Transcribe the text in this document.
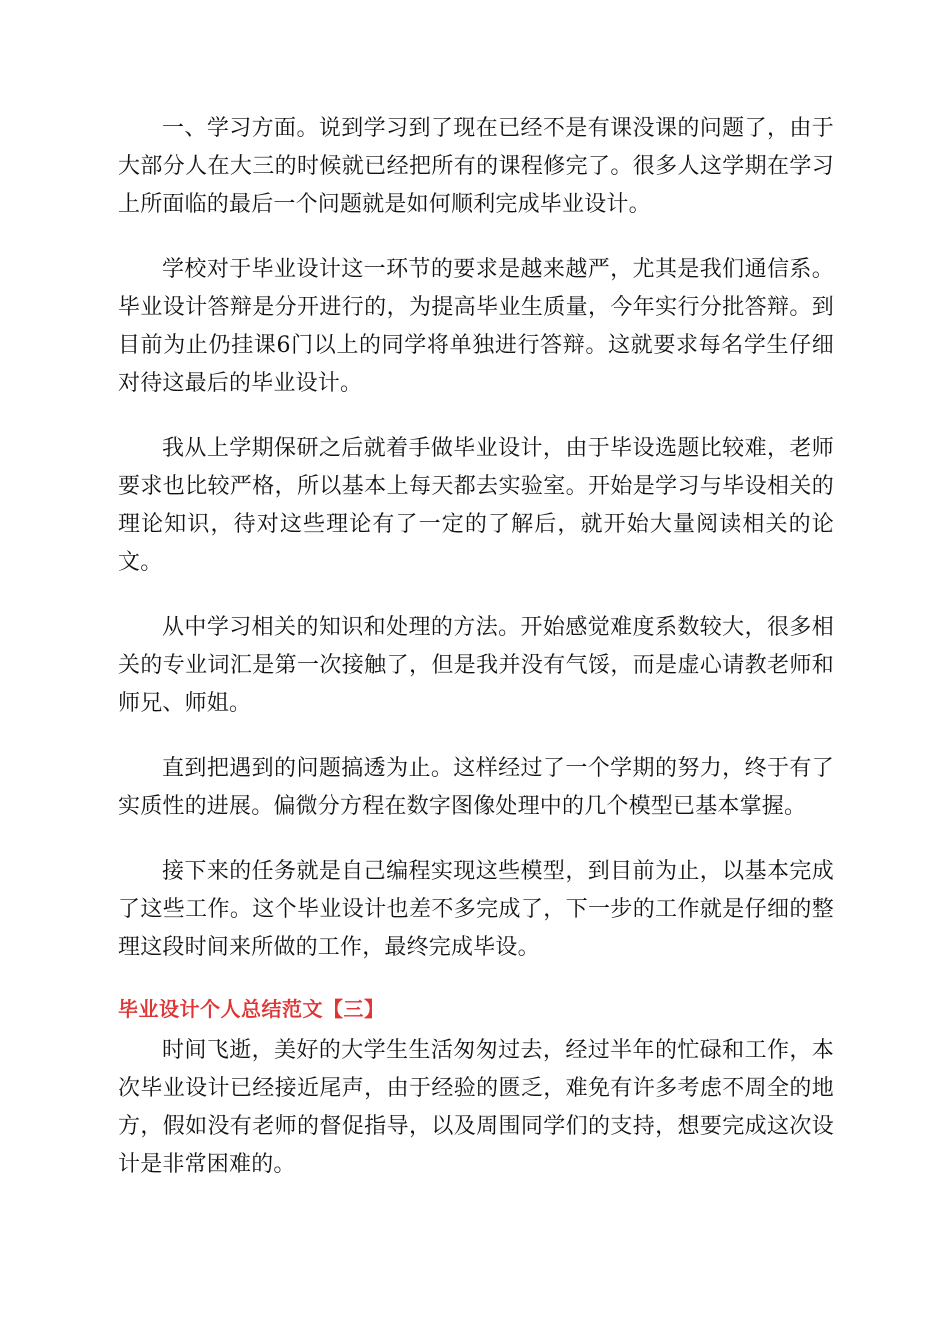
一、学习方面。说到学习到了现在已经不是有课没课的问题了，由于大部分人在大三的时候就已经把所有的课程修完了。很多人这学期在学习上所面临的最后一个问题就是如何顺利完成毕业设计。

学校对于毕业设计这一环节的要求是越来越严，尤其是我们通信系。毕业设计答辩是分开进行的，为提高毕业生质量，今年实行分批答辩。到目前为止仍挂课6门以上的同学将单独进行答辩。这就要求每名学生仔细对待这最后的毕业设计。

我从上学期保研之后就着手做毕业设计，由于毕设选题比较难，老师要求也比较严格，所以基本上每天都去实验室。开始是学习与毕设相关的理论知识，待对这些理论有了一定的了解后，就开始大量阅读相关的论文。

从中学习相关的知识和处理的方法。开始感觉难度系数较大，很多相关的专业词汇是第一次接触了，但是我并没有气馁，而是虚心请教老师和师兄、师姐。

直到把遇到的问题搞透为止。这样经过了一个学期的努力，终于有了实质性的进展。偏微分方程在数字图像处理中的几个模型已基本掌握。

接下来的任务就是自己编程实现这些模型，到目前为止，以基本完成了这些工作。这个毕业设计也差不多完成了，下一步的工作就是仔细的整理这段时间来所做的工作，最终完成毕设。

毕业设计个人总结范文【三】

时间飞逝，美好的大学生生活匆匆过去，经过半年的忙碌和工作，本次毕业设计已经接近尾声，由于经验的匮乏，难免有许多考虑不周全的地方，假如没有老师的督促指导，以及周围同学们的支持，想要完成这次设计是非常困难的。
